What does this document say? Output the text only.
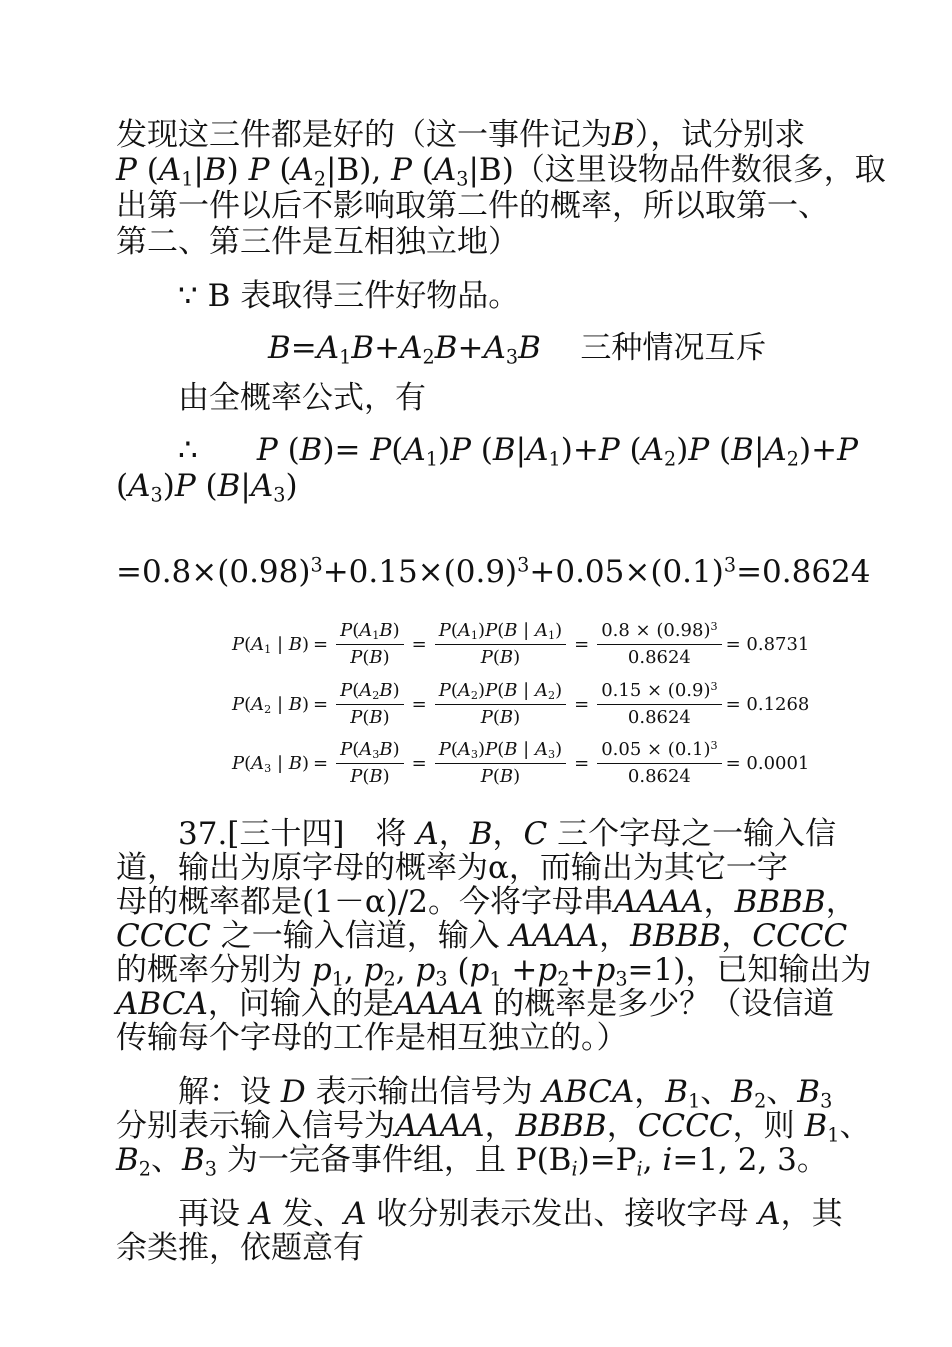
发现这三件都是好的（这一事件记为B），试分别求
P $(A_1|B)$ P $(A_2|B)$, P $(A_3|B)$（这里设物品件数很多，取
出第一件以后不影响取第二件的概率，所以取第一、
第二、第三件是互相独立地）
∵ B 表取得三件好物品。
$B=A_1B+A_2B+A_3B$ 三种情况互斥
由全概率公式，有
∴ P $(B)= P(A_1)P$ $(B|A_1)+P$ $(A_2)P$ $(B|A_2)+P$
$(A_3)P$ $(B|A_3)$
$=0.8\times(0.98)^3+0.15\times(0.9)^3+0.05\times(0.1)^3=0.8624$
$P(A_1$ | $B) = \frac{P(A_1B)}{P(B)} = \frac{P(A_1)P(B | A_1)}{P(B)} = \frac{0.8 \times (0.98)^3}{0.8624} = 0.8731$
$P(A_2$ | $B) = \frac{P(A_2B)}{P(B)} = \frac{P(A_2)P(B | A_2)}{P(B)} = \frac{0.15 \times (0.9)^3}{0.8624} = 0.1268$
$P(A_3$ | $B) = \frac{P(A_3B)}{P(B)} = \frac{P(A_3)P(B | A_3)}{P(B)} = \frac{0.05 \times (0.1)^3}{0.8624} = 0.0001$
37.[三十四]　将 A，B，C 三个字母之一输入信
道，输出为原字母的概率为α，而输出为其它一字
母的概率都是(1－α)/2。今将字母串AAAA，BBBB，
CCCC 之一输入信道，输入 AAAA，BBBB，CCCC
的概率分别为 $p_1$, $p_2$, $p_3$ $(p_1 +p_2+p_3=1)$，已知输出为
ABCA，问输入的是AAAA 的概率是多少？（设信道
传输每个字母的工作是相互独立的。）
解：设 D 表示输出信号为 ABCA，$B_1$、$B_2$、$B_3$
分别表示输入信号为AAAA，BBBB，CCCC，则 $B_1$、
$B_2$、$B_3$ 为一完备事件组，且 $P(B_i)=P_i$, i=1, 2, 3。
再设 A 发、A 收分别表示发出、接收字母 A，其
余类推，依题意有
